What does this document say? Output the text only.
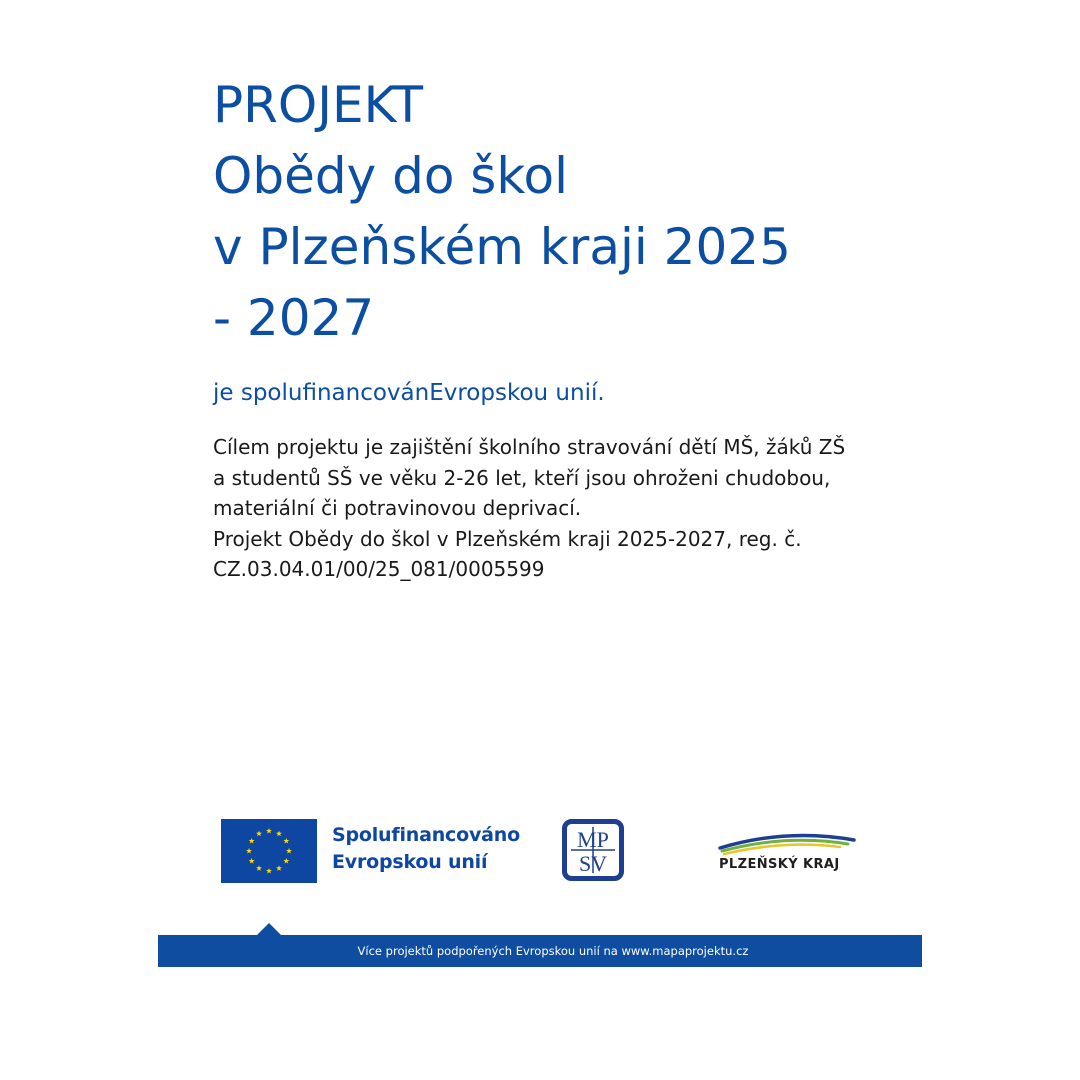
PROJEKT
Obědy do škol
v Plzeňském kraji 2025
- 2027

je spolufinancovánEvropskou unií.

Cílem projektu je zajištění školního stravování dětí MŠ, žáků ZŠ
a studentů SŠ ve věku 2-26 let, kteří jsou ohroženi chudobou,
materiální či potravinovou deprivací.
Projekt Obědy do škol v Plzeňském kraji 2025-2027, reg. č.
CZ.03.04.01/00/25_081/0005599
Spolufinancováno
Evropskou unií
MP
SV	PLZEŇSKÝ KRAJ
Více projektů podpořených Evropskou unií na www.mapaprojektu.cz
